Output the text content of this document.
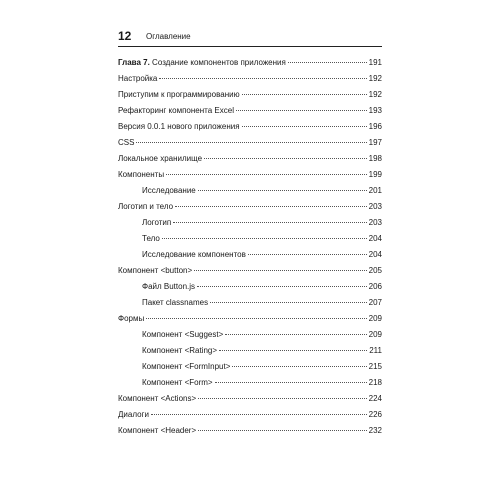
12	Оглавление
Глава 7. Создание компонентов приложения	191
Настройка	192
Приступим к программированию	192
Рефакторинг компонента Excel	193
Версия 0.0.1 нового приложения	196
CSS	197
Локальное хранилище	198
Компоненты	199
Исследование	201
Логотип и тело	203
Логотип	203
Тело	204
Исследование компонентов	204
Компонент <button>	205
Файл Button.js	206
Пакет classnames	207
Формы	209
Компонент <Suggest>	209
Компонент <Rating>	211
Компонент <FormInput>	215
Компонент <Form>	218
Компонент <Actions>	224
Диалоги	226
Компонент <Header>	232
